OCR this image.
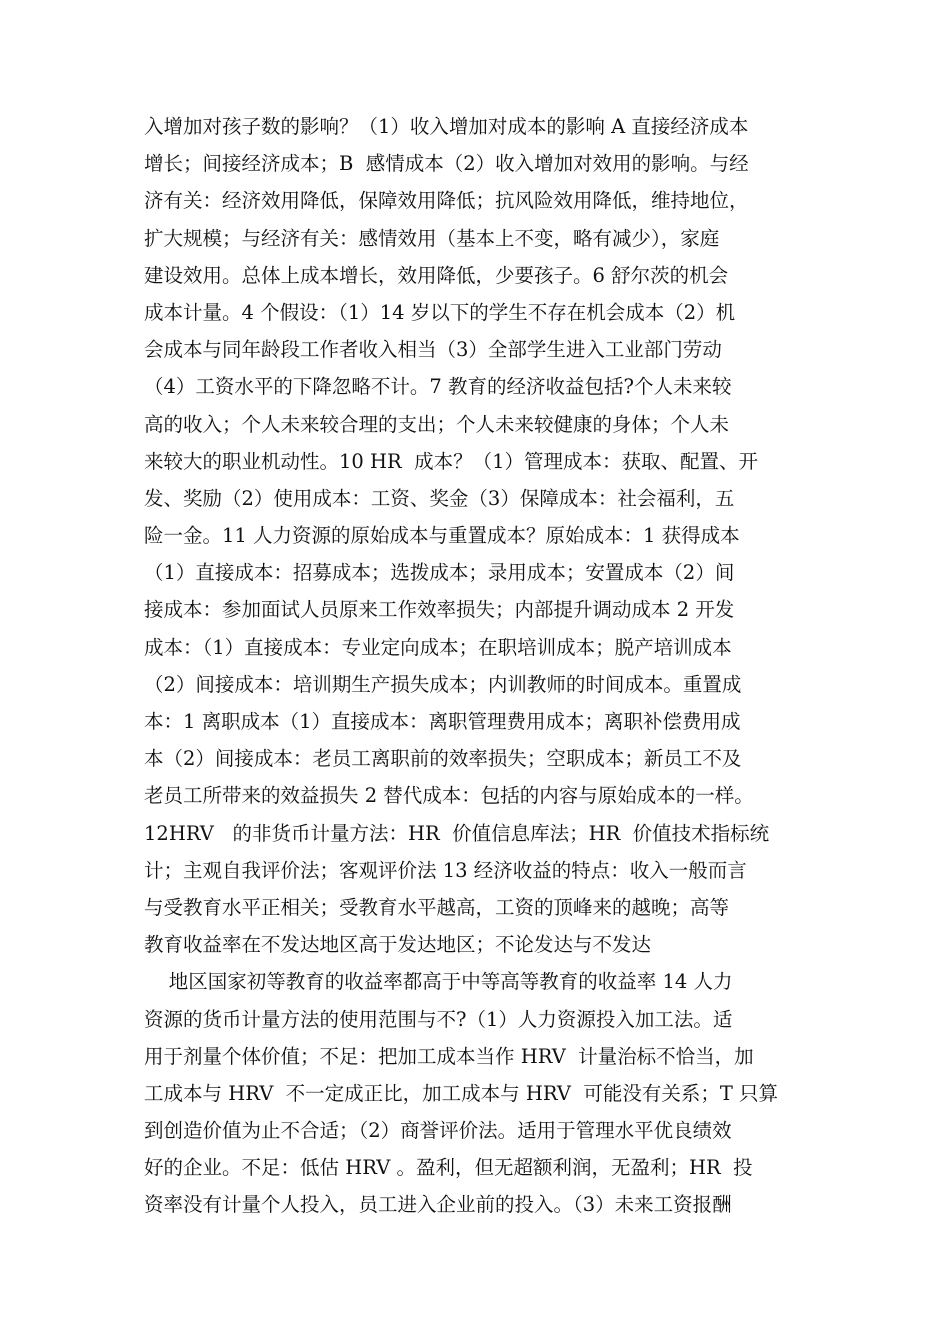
入增加对孩子数的影响？（1）收入增加对成本的影响 A 直接经济成本
增长；间接经济成本；B  感情成本（2）收入增加对效用的影响。与经
济有关：经济效用降低，保障效用降低；抗风险效用降低，维持地位，
扩大规模；与经济有关：感情效用（基本上不变，略有减少），家庭
建设效用。总体上成本增长，效用降低，少要孩子。6 舒尔茨的机会
成本计量。4 个假设：（1）14 岁以下的学生不存在机会成本（2）机
会成本与同年龄段工作者收入相当（3）全部学生进入工业部门劳动
（4）工资水平的下降忽略不计。7 教育的经济收益包括?个人未来较
高的收入；个人未来较合理的支出；个人未来较健康的身体；个人未
来较大的职业机动性。10 HR  成本？（1）管理成本：获取、配置、开
发、奖励（2）使用成本：工资、奖金（3）保障成本：社会福利，五
险一金。11 人力资源的原始成本与重置成本？原始成本：1 获得成本
（1）直接成本：招募成本；选拨成本；录用成本；安置成本（2）间
接成本：参加面试人员原来工作效率损失；内部提升调动成本 2 开发
成本：（1）直接成本：专业定向成本；在职培训成本；脱产培训成本
（2）间接成本：培训期生产损失成本；内训教师的时间成本。重置成
本：1 离职成本（1）直接成本：离职管理费用成本；离职补偿费用成
本（2）间接成本：老员工离职前的效率损失；空职成本；新员工不及
老员工所带来的效益损失 2 替代成本：包括的内容与原始成本的一样。
12HRV   的非货币计量方法：HR  价值信息库法；HR  价值技术指标统
计；主观自我评价法；客观评价法 13 经济收益的特点：收入一般而言
与受教育水平正相关；受教育水平越高，工资的顶峰来的越晚；高等
教育收益率在不发达地区高于发达地区；不论发达与不发达
地区国家初等教育的收益率都高于中等高等教育的收益率 14 人力
资源的货币计量方法的使用范围与不?（1）人力资源投入加工法。适
用于剂量个体价值；不足：把加工成本当作 HRV  计量治标不恰当，加
工成本与 HRV  不一定成正比，加工成本与 HRV  可能没有关系；T 只算
到创造价值为止不合适；（2）商誉评价法。适用于管理水平优良绩效
好的企业。不足：低估 HRV 。盈利，但无超额利润，无盈利；HR  投
资率没有计量个人投入，员工进入企业前的投入。（3）未来工资报酬
